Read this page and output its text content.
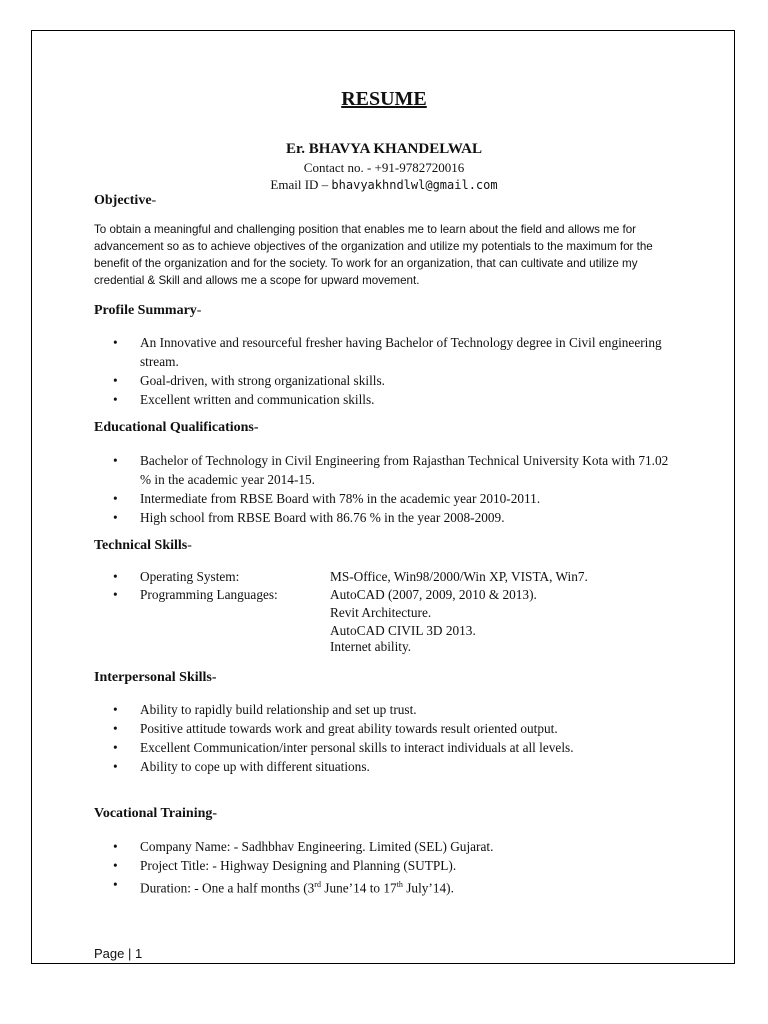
RESUME
Er. BHAVYA KHANDELWAL
Contact no. - +91-9782720016
Email ID – bhavyakhndlwl@gmail.com
Objective-
To obtain a meaningful and challenging position that enables me to learn about the field and allows me for advancement so as to achieve objectives of the organization and utilize my potentials to the maximum for the benefit of the organization and for the society. To work for an organization, that can cultivate and utilize my credential & Skill and allows me a scope for upward movement.
Profile Summary-
• An Innovative and resourceful fresher having Bachelor of Technology degree in Civil engineering stream.
• Goal-driven, with strong organizational skills.
• Excellent written and communication skills.
Educational Qualifications-
• Bachelor of Technology in Civil Engineering from Rajasthan Technical University Kota with 71.02 % in the academic year 2014-15.
• Intermediate from RBSE Board with 78% in the academic year 2010-2011.
• High school from RBSE Board with 86.76 % in the year 2008-2009.
Technical Skills-
• Operating System:	MS-Office, Win98/2000/Win XP, VISTA, Win7.
• Programming Languages:	AutoCAD (2007, 2009, 2010 & 2013).
Revit Architecture.
AutoCAD CIVIL 3D 2013.
Internet ability.
Interpersonal Skills-
• Ability to rapidly build relationship and set up trust.
• Positive attitude towards work and great ability towards result oriented output.
• Excellent Communication/inter personal skills to interact individuals at all levels.
• Ability to cope up with different situations.
Vocational Training-
• Company Name: - Sadhbhav Engineering. Limited (SEL) Gujarat.
• Project Title: - Highway Designing and Planning (SUTPL).
• Duration: - One a half months (3rd June’14 to 17th July’14).
Page | 1
